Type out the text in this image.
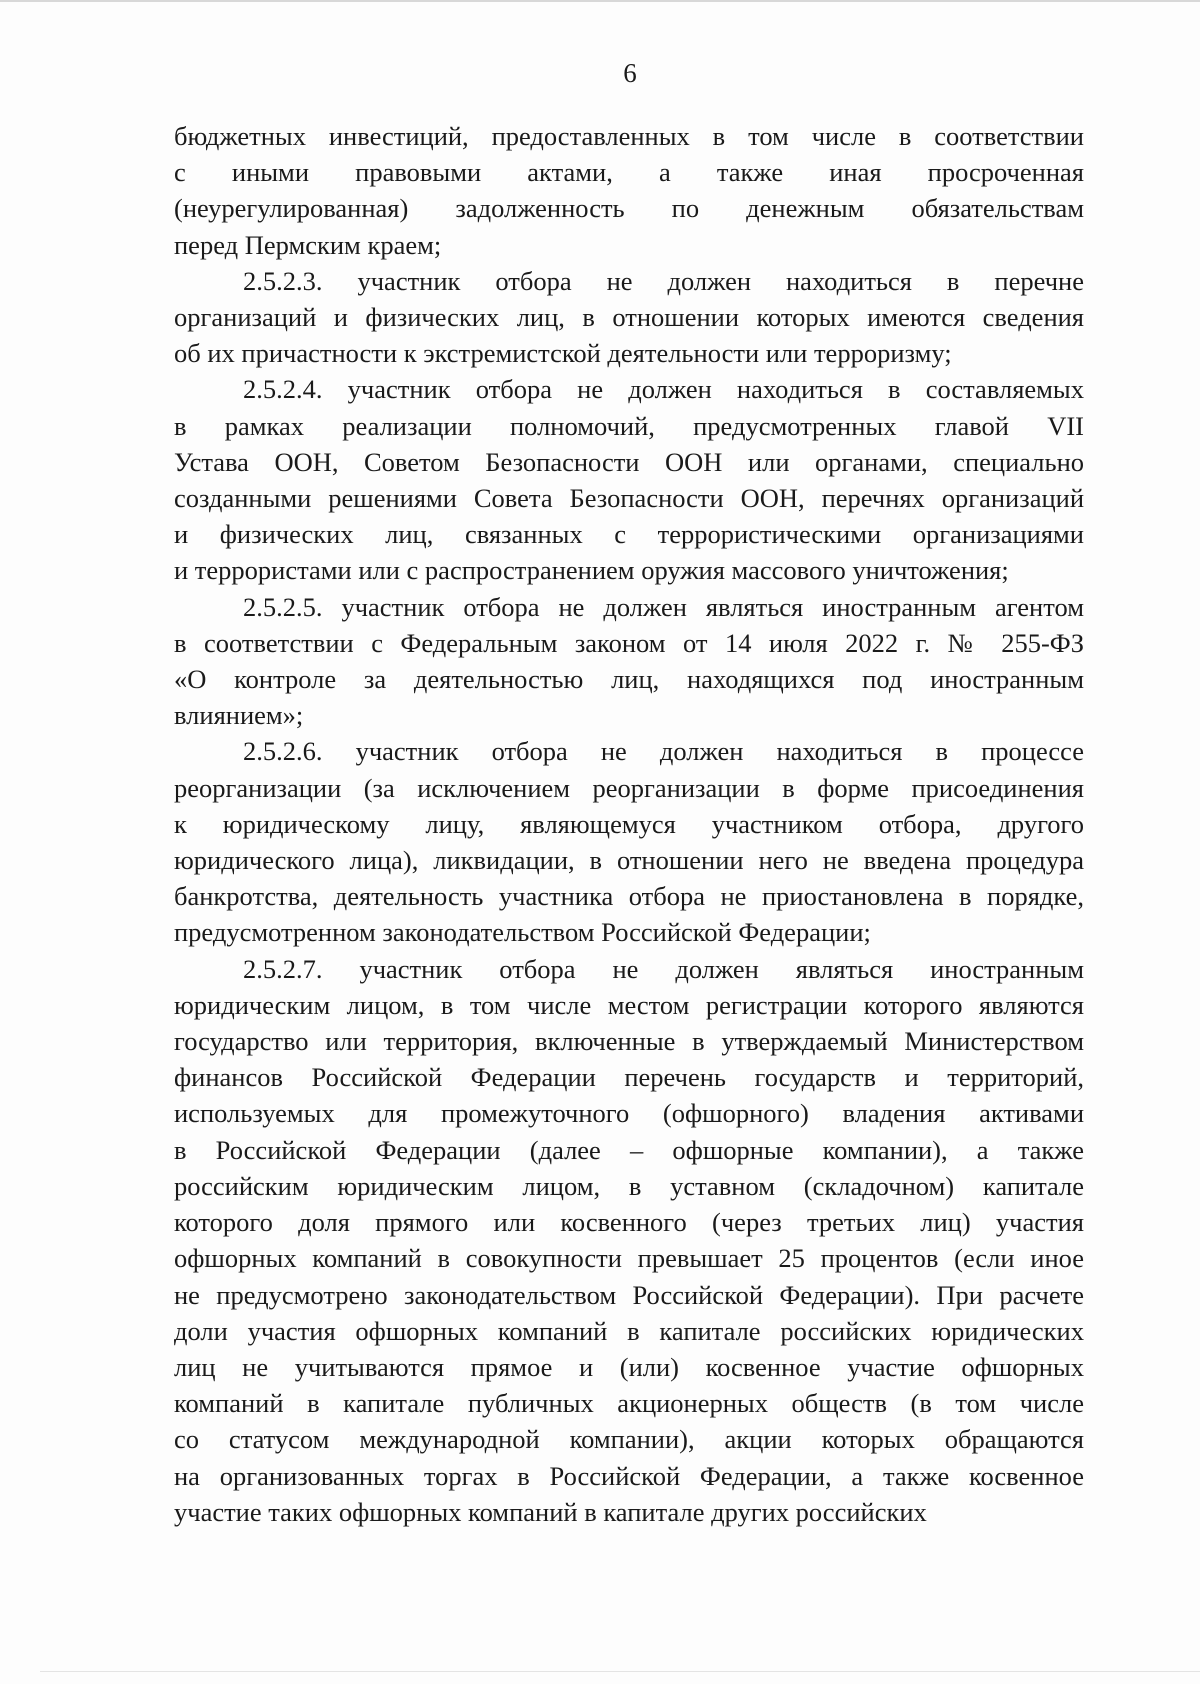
6

бюджетных инвестиций, предоставленных в том числе в соответствии
с иными правовыми актами, а также иная просроченная
(неурегулированная) задолженность по денежным обязательствам
перед Пермским краем;

2.5.2.3. участник отбора не должен находиться в перечне
организаций и физических лиц, в отношении которых имеются сведения
об их причастности к экстремистской деятельности или терроризму;

2.5.2.4. участник отбора не должен находиться в составляемых
в рамках реализации полномочий, предусмотренных главой VII
Устава ООН, Советом Безопасности ООН или органами, специально
созданными решениями Совета Безопасности ООН, перечнях организаций
и физических лиц, связанных с террористическими организациями
и террористами или с распространением оружия массового уничтожения;

2.5.2.5. участник отбора не должен являться иностранным агентом
в соответствии с Федеральным законом от 14 июля 2022 г. № 255-ФЗ
«О контроле за деятельностью лиц, находящихся под иностранным
влиянием»;

2.5.2.6. участник отбора не должен находиться в процессе
реорганизации (за исключением реорганизации в форме присоединения
к юридическому лицу, являющемуся участником отбора, другого
юридического лица), ликвидации, в отношении него не введена процедура
банкротства, деятельность участника отбора не приостановлена в порядке,
предусмотренном законодательством Российской Федерации;

2.5.2.7. участник отбора не должен являться иностранным
юридическим лицом, в том числе местом регистрации которого являются
государство или территория, включенные в утверждаемый Министерством
финансов Российской Федерации перечень государств и территорий,
используемых для промежуточного (офшорного) владения активами
в Российской Федерации (далее – офшорные компании), а также
российским юридическим лицом, в уставном (складочном) капитале
которого доля прямого или косвенного (через третьих лиц) участия
офшорных компаний в совокупности превышает 25 процентов (если иное
не предусмотрено законодательством Российской Федерации). При расчете
доли участия офшорных компаний в капитале российских юридических
лиц не учитываются прямое и (или) косвенное участие офшорных
компаний в капитале публичных акционерных обществ (в том числе
со статусом международной компании), акции которых обращаются
на организованных торгах в Российской Федерации, а также косвенное
участие таких офшорных компаний в капитале других российских
